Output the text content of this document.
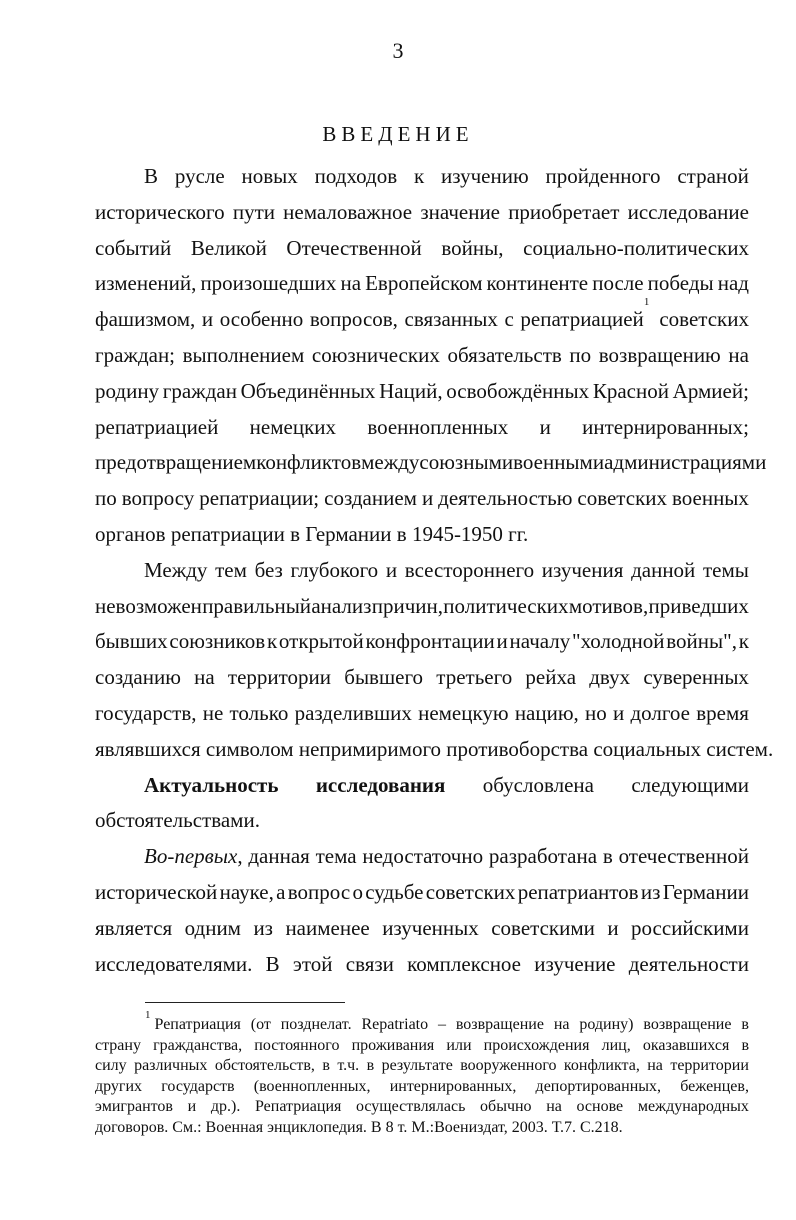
3
ВВЕДЕНИЕ
В русле новых подходов к изучению пройденного страной
исторического пути немаловажное значение приобретает исследование
событий Великой Отечественной войны, социально-политических
изменений, произошедших на Европейском континенте после победы над
фашизмом, и особенно вопросов, связанных с репатриацией
1
советских
граждан; выполнением союзнических обязательств по возвращению на
родину граждан Объединённых Наций, освобождённых Красной Армией;
репатриацией немецких военнопленных и интернированных;
предотвращением конфликтов между союзными военными администрациями
по вопросу репатриации; созданием и деятельностью советских военных
органов репатриации в Германии в 1945-1950 гг.
Между тем без глубокого и всестороннего изучения данной темы
невозможен правильный анализ причин, политических мотивов, приведших
бывших союзников к открытой конфронтации и началу "холодной войны", к
созданию на территории бывшего третьего рейха двух суверенных
государств, не только разделивших немецкую нацию, но и долгое время
являвшихся символом непримиримого противоборства социальных систем.
Актуальность исследования обусловлена следующими
обстоятельствами.
Во-первых, данная тема недостаточно разработана в отечественной
исторической науке, а вопрос о судьбе советских репатриантов из Германии
является одним из наименее изученных советскими и российскими
исследователями. В этой связи комплексное изучение деятельности
1
Репатриация (от позднелат. Repatriato – возвращение на родину) возвращение в
страну гражданства, постоянного проживания или происхождения лиц, оказавшихся в
силу различных обстоятельств, в т.ч. в результате вооруженного конфликта, на территории
других государств (военнопленных, интернированных, депортированных, беженцев,
эмигрантов и др.). Репатриация осуществлялась обычно на основе международных
договоров. См.: Военная энциклопедия. В 8 т. М.:Воениздат, 2003. Т.7. С.218.
